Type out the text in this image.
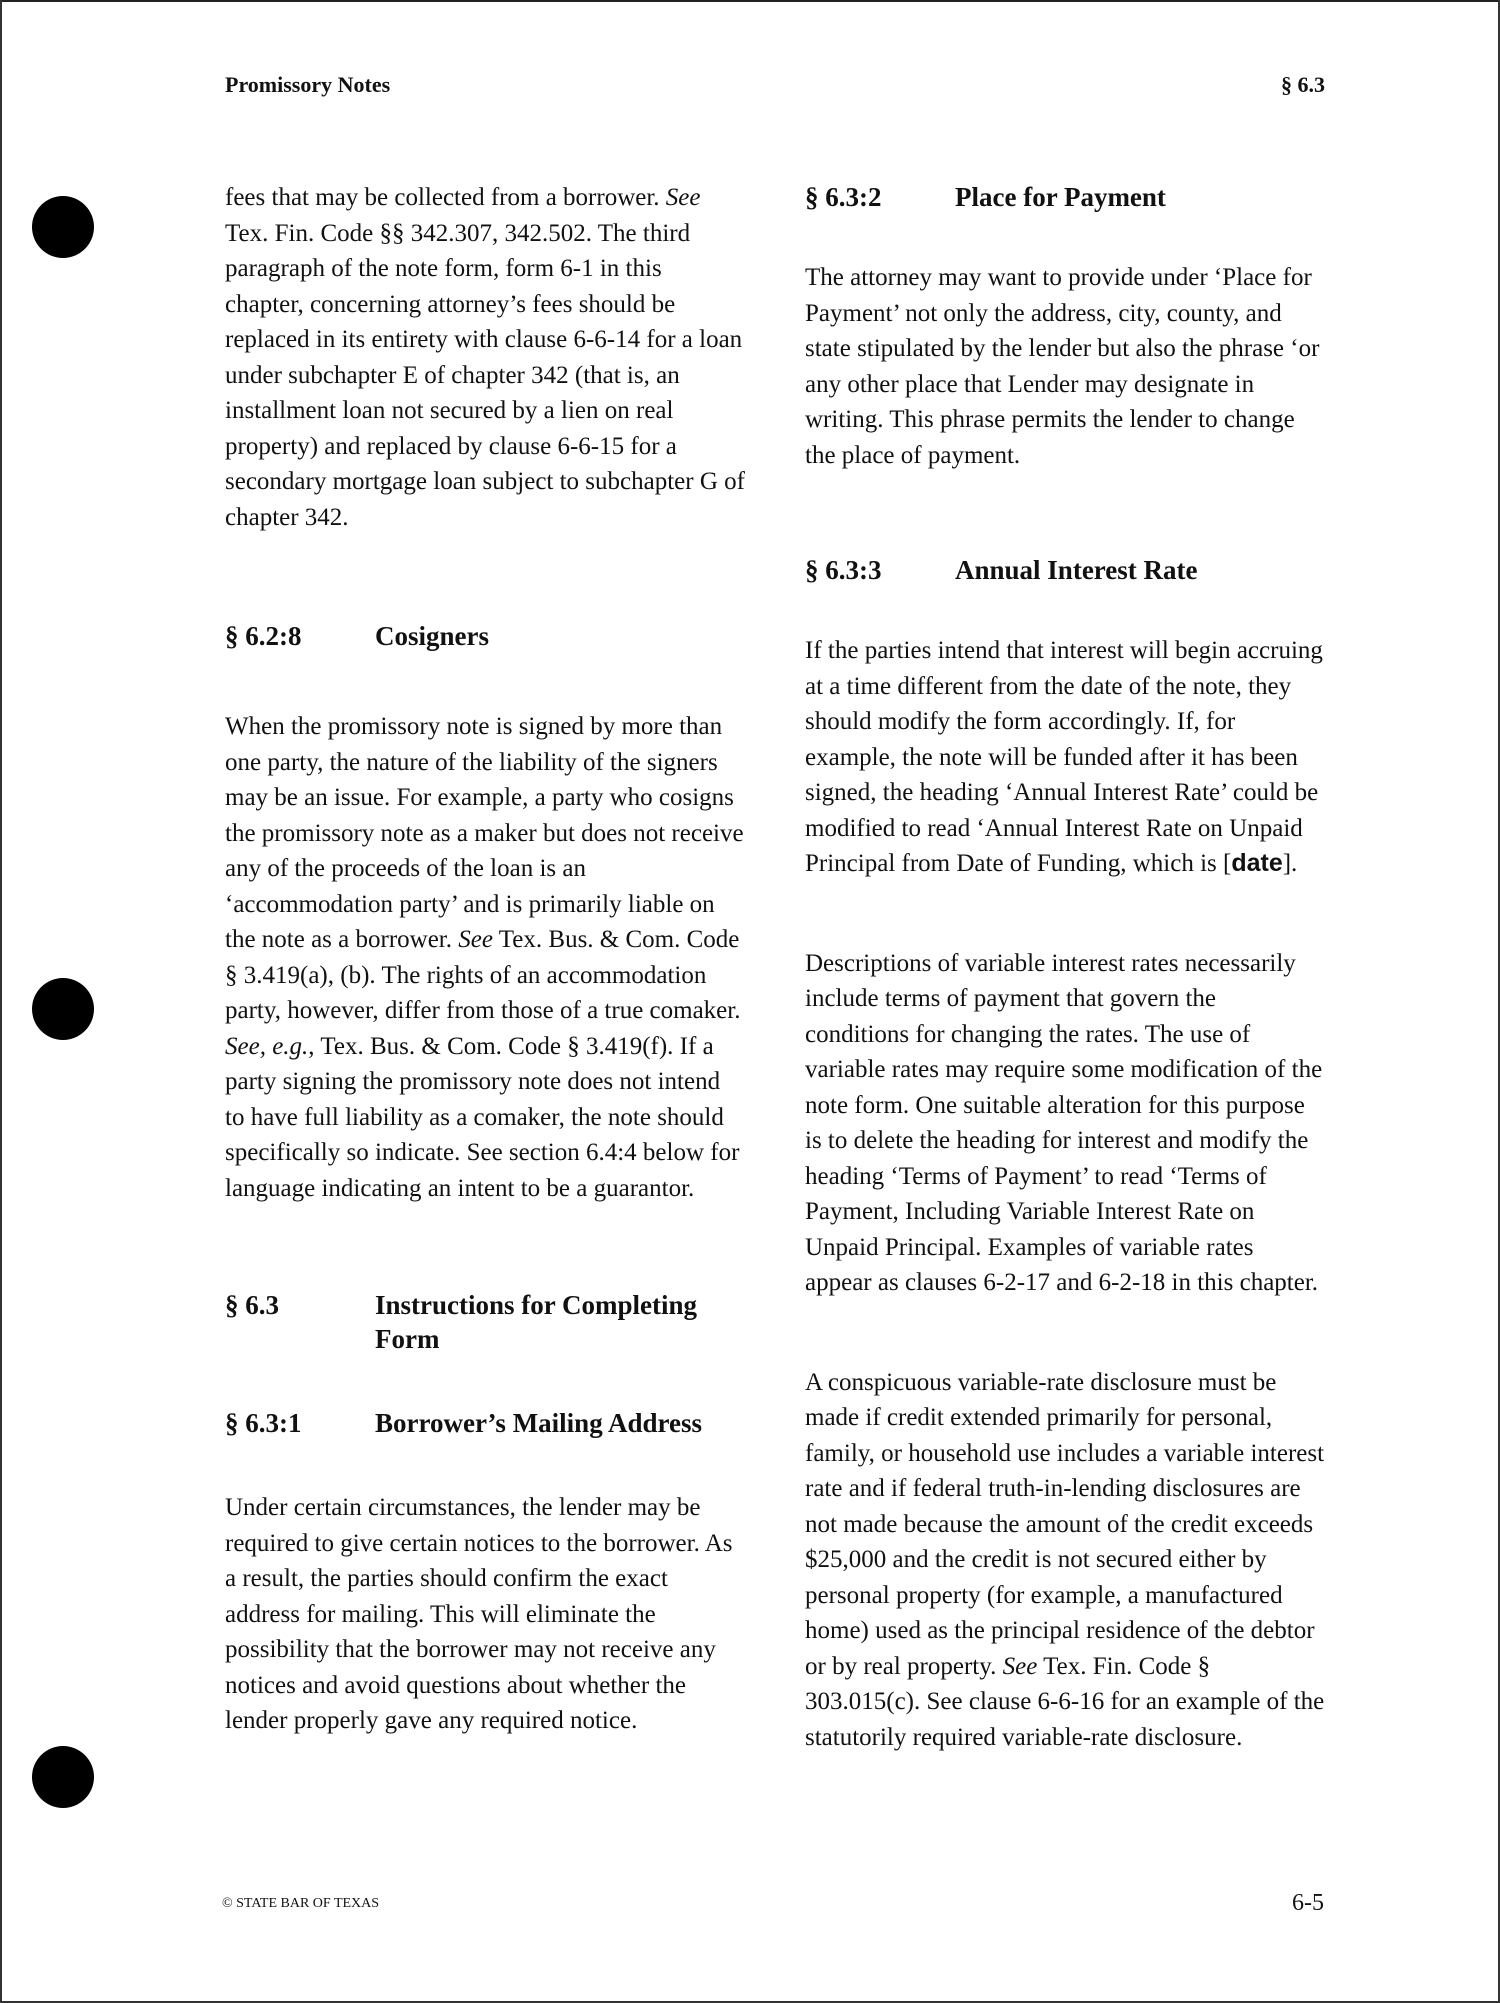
Promissory Notes	§ 6.3

fees that may be collected from a borrower. See Tex. Fin. Code §§ 342.307, 342.502. The third paragraph of the note form, form 6-1 in this chapter, concerning attorney’s fees should be replaced in its entirety with clause 6-6-14 for a loan under subchapter E of chapter 342 (that is, an installment loan not secured by a lien on real property) and replaced by clause 6-6-15 for a secondary mortgage loan subject to subchapter G of chapter 342.

§ 6.2:8	Cosigners

When the promissory note is signed by more than one party, the nature of the liability of the signers may be an issue. For example, a party who cosigns the promissory note as a maker but does not receive any of the proceeds of the loan is an ‘accommodation party’ and is primarily liable on the note as a borrower. See Tex. Bus. & Com. Code § 3.419(a), (b). The rights of an accommodation party, however, differ from those of a true comaker. See, e.g., Tex. Bus. & Com. Code § 3.419(f). If a party signing the promissory note does not intend to have full liability as a comaker, the note should specifically so indicate. See section 6.4:4 below for language indicating an intent to be a guarantor.

§ 6.3	Instructions for Completing Form
§ 6.3:1	Borrower’s Mailing Address

Under certain circumstances, the lender may be required to give certain notices to the borrower. As a result, the parties should confirm the exact address for mailing. This will eliminate the possibility that the borrower may not receive any notices and avoid questions about whether the lender properly gave any required notice.

§ 6.3:2	Place for Payment

The attorney may want to provide under ‘Place for Payment’ not only the address, city, county, and state stipulated by the lender but also the phrase ‘or any other place that Lender may designate in writing. This phrase permits the lender to change the place of payment.

§ 6.3:3	Annual Interest Rate

If the parties intend that interest will begin accruing at a time different from the date of the note, they should modify the form accordingly. If, for example, the note will be funded after it has been signed, the heading ‘Annual Interest Rate’ could be modified to read ‘Annual Interest Rate on Unpaid Principal from Date of Funding, which is [date].

Descriptions of variable interest rates necessarily include terms of payment that govern the conditions for changing the rates. The use of variable rates may require some modification of the note form. One suitable alteration for this purpose is to delete the heading for interest and modify the heading ‘Terms of Payment’ to read ‘Terms of Payment, Including Variable Interest Rate on Unpaid Principal. Examples of variable rates appear as clauses 6-2-17 and 6-2-18 in this chapter.

A conspicuous variable-rate disclosure must be made if credit extended primarily for personal, family, or household use includes a variable interest rate and if federal truth-in-lending disclosures are not made because the amount of the credit exceeds $25,000 and the credit is not secured either by personal property (for example, a manufactured home) used as the principal residence of the debtor or by real property. See Tex. Fin. Code § 303.015(c). See clause 6-6-16 for an example of the statutorily required variable-rate disclosure.

© STATE BAR OF TEXAS	6-5
